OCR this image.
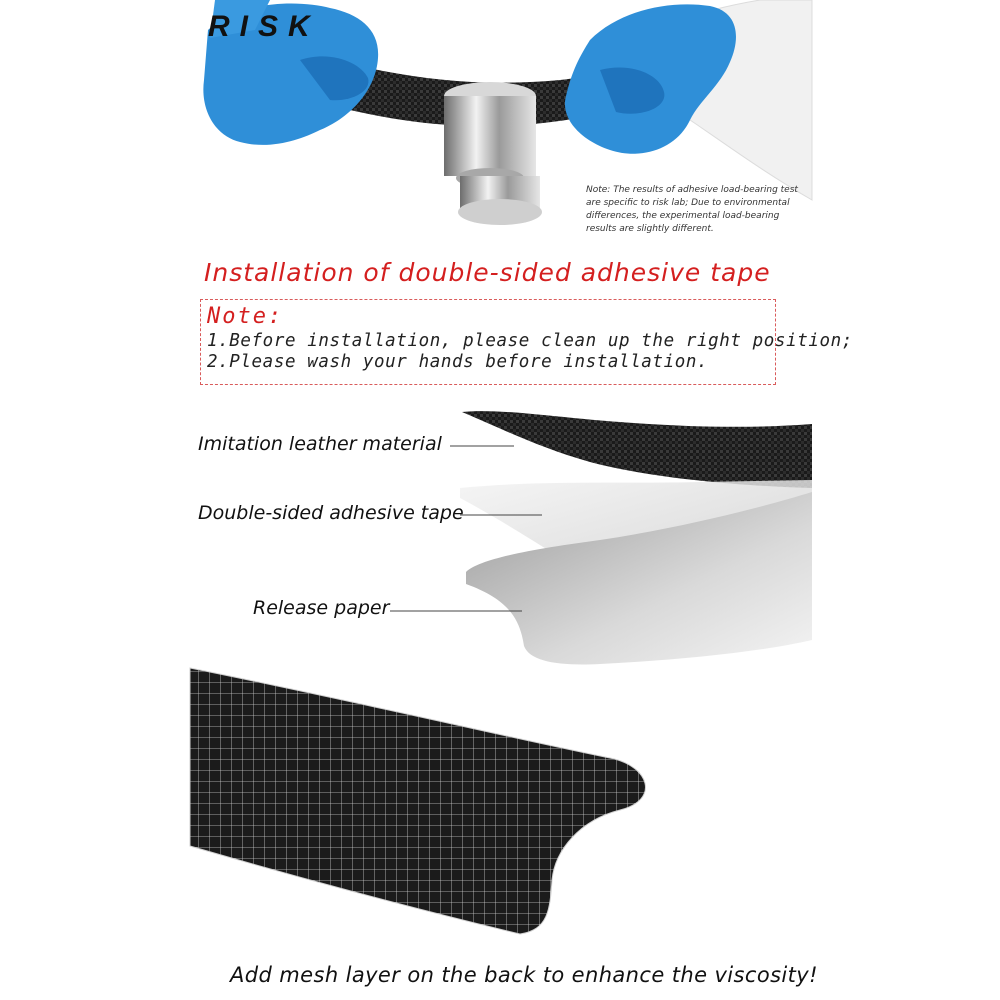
RISK
Note: The results of adhesive load-bearing test
are specific to risk lab; Due to environmental
differences, the experimental load-bearing
results are slightly different.
Installation of double-sided adhesive tape
Note:
1.Before installation, please clean up the right position;
2.Please wash your hands before installation.
Imitation leather material
Double-sided adhesive tape
Release paper
Add mesh layer on the back to enhance the viscosity!
